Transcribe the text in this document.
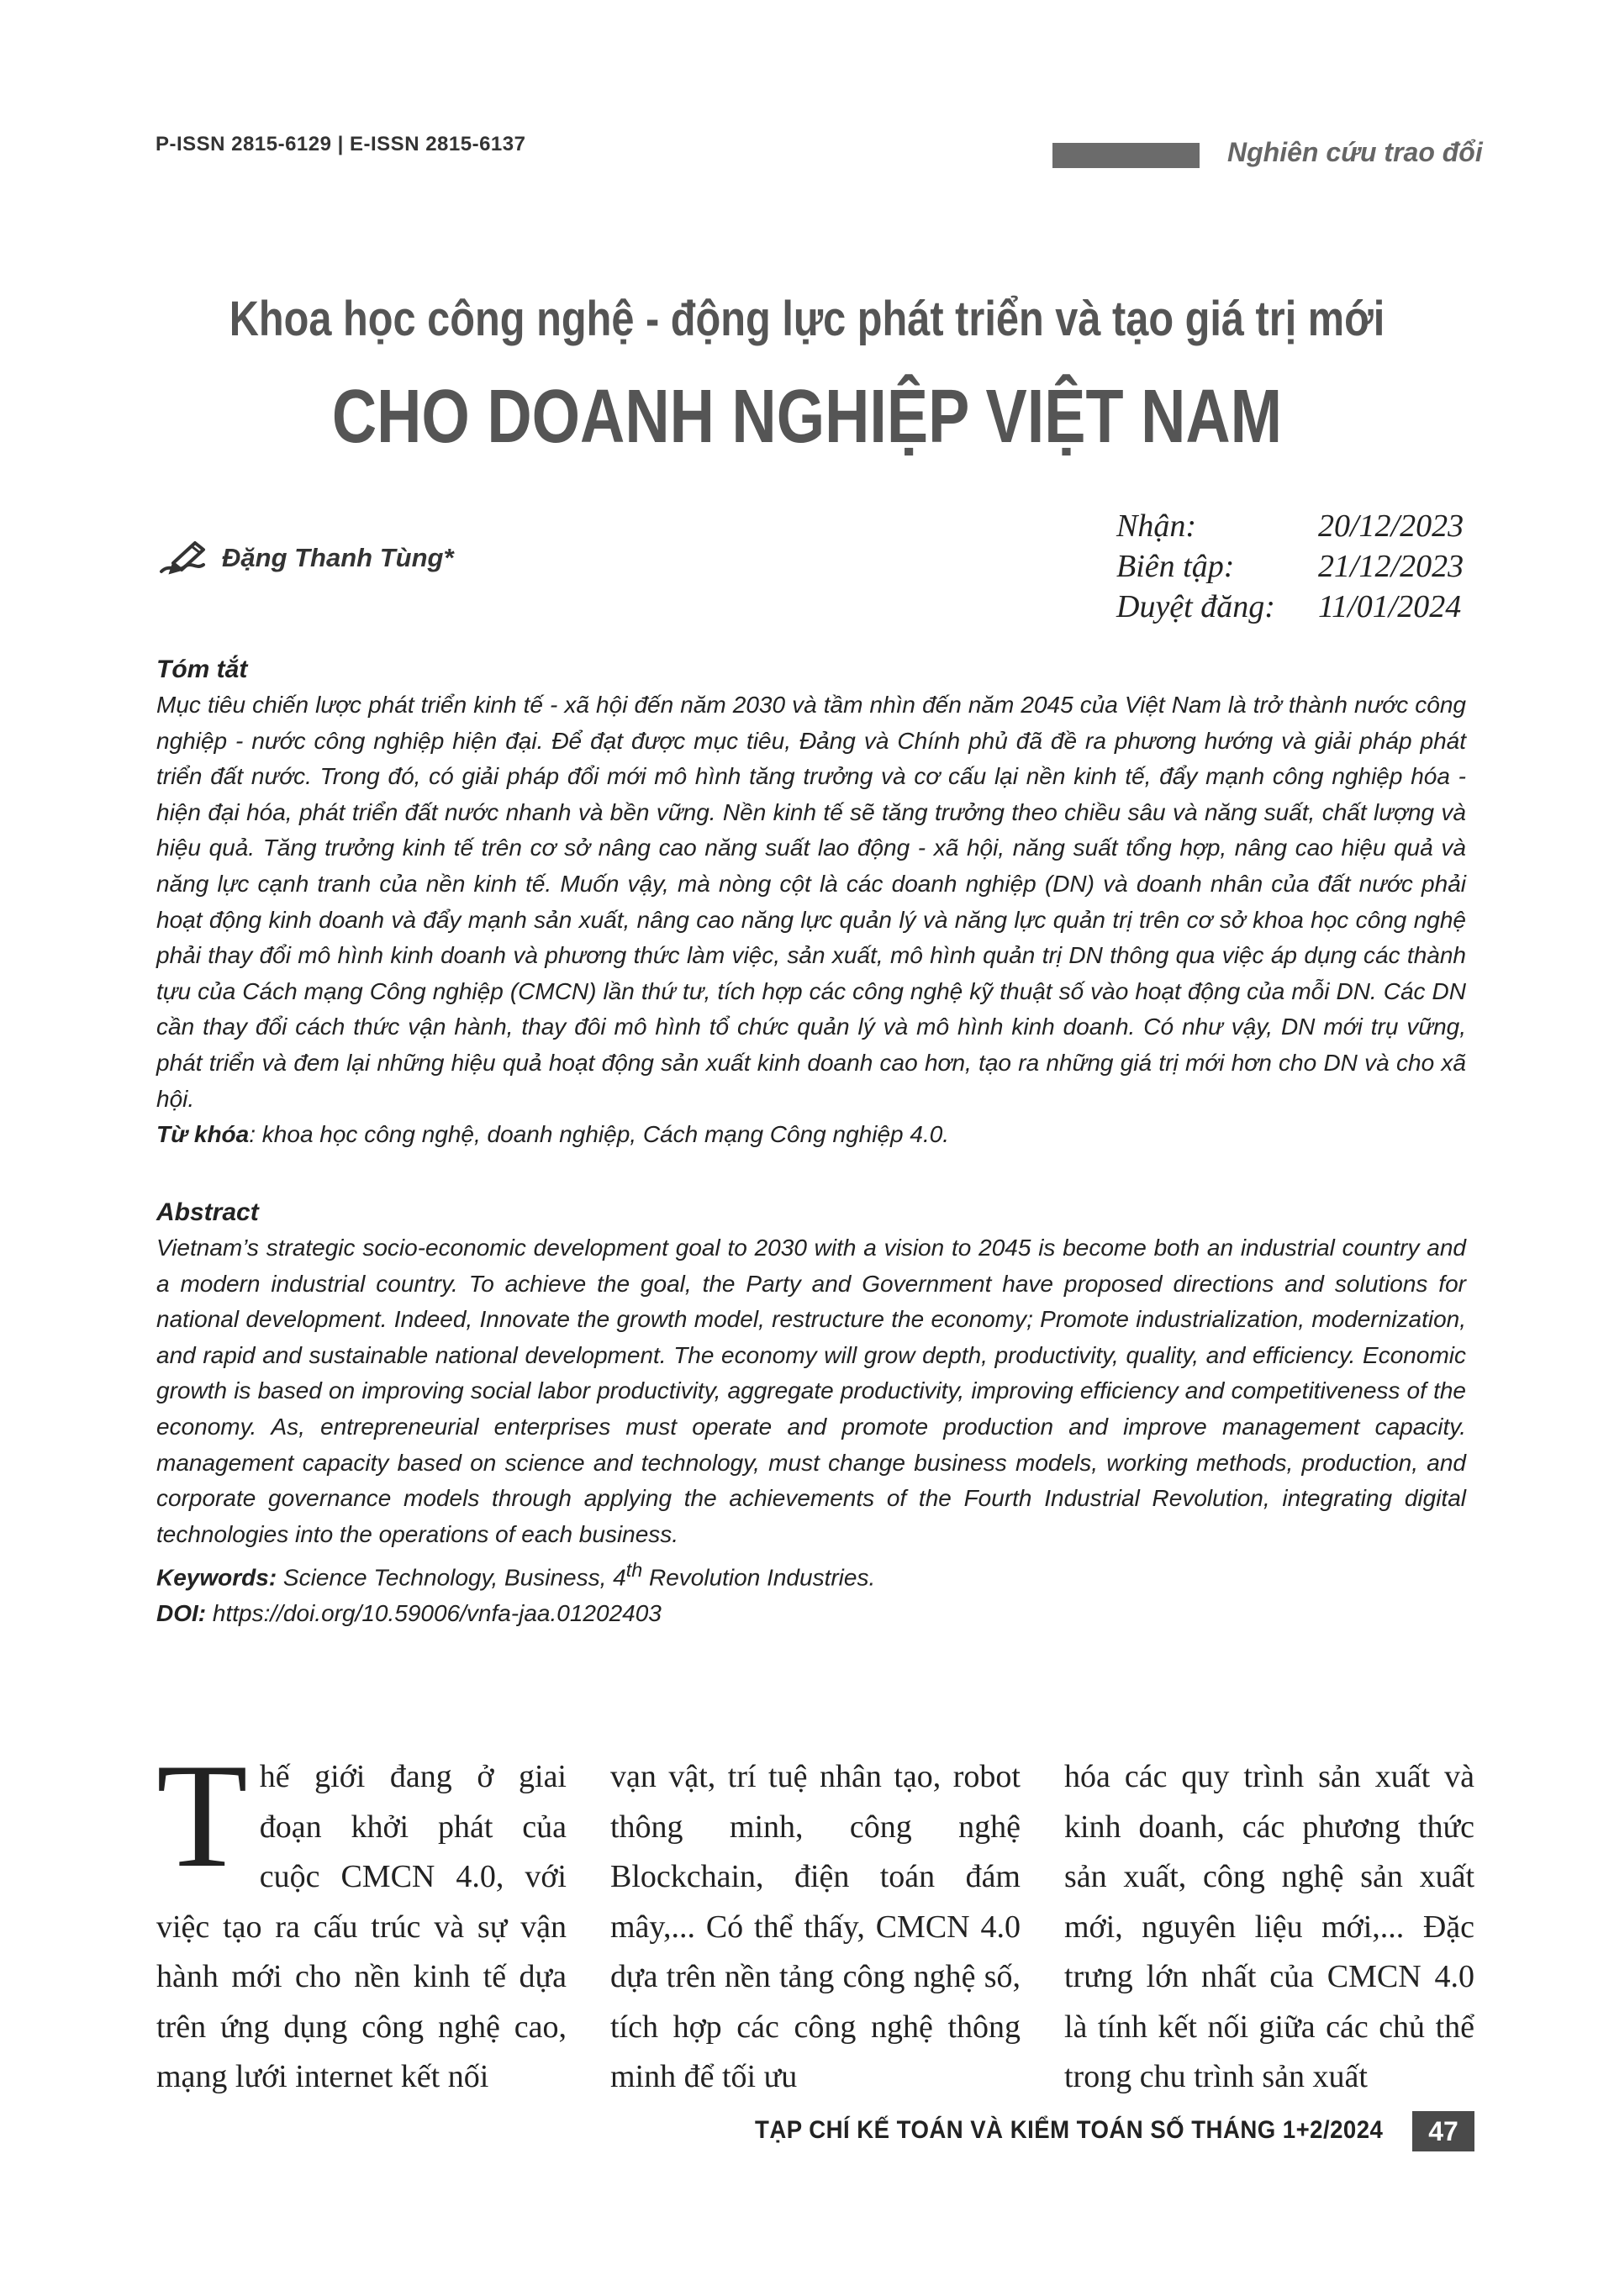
P-ISSN 2815-6129 | E-ISSN 2815-6137	Nghiên cứu trao đổi
Khoa học công nghệ - động lực phát triển và tạo giá trị mới
CHO DOANH NGHIỆP VIỆT NAM
Đặng Thanh Tùng*
Nhận:	20/12/2023
Biên tập:	21/12/2023
Duyệt đăng:	11/01/2024
Tóm tắt
Mục tiêu chiến lược phát triển kinh tế - xã hội đến năm 2030 và tầm nhìn đến năm 2045 của Việt Nam là trở thành nước công nghiệp - nước công nghiệp hiện đại. Để đạt được mục tiêu, Đảng và Chính phủ đã đề ra phương hướng và giải pháp phát triển đất nước. Trong đó, có giải pháp đổi mới mô hình tăng trưởng và cơ cấu lại nền kinh tế, đẩy mạnh công nghiệp hóa - hiện đại hóa, phát triển đất nước nhanh và bền vững. Nền kinh tế sẽ tăng trưởng theo chiều sâu và năng suất, chất lượng và hiệu quả. Tăng trưởng kinh tế trên cơ sở nâng cao năng suất lao động - xã hội, năng suất tổng hợp, nâng cao hiệu quả và năng lực cạnh tranh của nền kinh tế. Muốn vậy, mà nòng cột là các doanh nghiệp (DN) và doanh nhân của đất nước phải hoạt động kinh doanh và đẩy mạnh sản xuất, nâng cao năng lực quản lý và năng lực quản trị trên cơ sở khoa học công nghệ phải thay đổi mô hình kinh doanh và phương thức làm việc, sản xuất, mô hình quản trị DN thông qua việc áp dụng các thành tựu của Cách mạng Công nghiệp (CMCN) lần thứ tư, tích hợp các công nghệ kỹ thuật số vào hoạt động của mỗi DN. Các DN cần thay đổi cách thức vận hành, thay đôi mô hình tổ chức quản lý và mô hình kinh doanh. Có như vậy, DN mới trụ vững, phát triển và đem lại những hiệu quả hoạt động sản xuất kinh doanh cao hơn, tạo ra những giá trị mới hơn cho DN và cho xã hội.
Từ khóa: khoa học công nghệ, doanh nghiệp, Cách mạng Công nghiệp 4.0.
Abstract
Vietnam’s strategic socio-economic development goal to 2030 with a vision to 2045 is become both an industrial country and a modern industrial country. To achieve the goal, the Party and Government have proposed directions and solutions for national development. Indeed, Innovate the growth model, restructure the economy; Promote industrialization, modernization, and rapid and sustainable national development. The economy will grow depth, productivity, quality, and efficiency. Economic growth is based on improving social labor productivity, aggregate productivity, improving efficiency and competitiveness of the economy. As, entrepreneurial enterprises must operate and promote production and improve management capacity. management capacity based on science and technology, must change business models, working methods, production, and corporate governance models through applying the achievements of the Fourth Industrial Revolution, integrating digital technologies into the operations of each business.
Keywords: Science Technology, Business, 4th Revolution Industries.
DOI: https://doi.org/10.59006/vnfa-jaa.01202403
Thế giới đang ở giai đoạn khởi phát của cuộc CMCN 4.0, với việc tạo ra cấu trúc và sự vận hành mới cho nền kinh tế dựa trên ứng dụng công nghệ cao, mạng lưới internet kết nối
vạn vật, trí tuệ nhân tạo, robot thông minh, công nghệ Blockchain, điện toán đám mây,... Có thể thấy, CMCN 4.0 dựa trên nền tảng công nghệ số, tích hợp các công nghệ thông minh để tối ưu
hóa các quy trình sản xuất và kinh doanh, các phương thức sản xuất, công nghệ sản xuất mới, nguyên liệu mới,... Đặc trưng lớn nhất của CMCN 4.0 là tính kết nối giữa các chủ thể trong chu trình sản xuất
TẠP CHÍ KẾ TOÁN VÀ KIỂM TOÁN SỐ THÁNG 1+2/2024	47
